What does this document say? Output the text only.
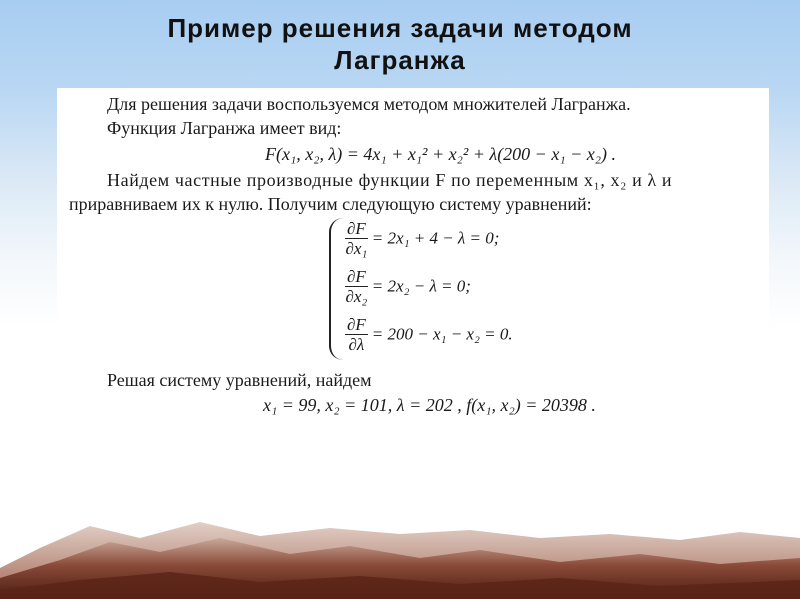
Пример решения задачи методом
Лагранжа
Для решения задачи воспользуемся методом множителей Лагранжа.
Функция Лагранжа имеет вид:
F(x₁, x₂, λ) = 4x₁ + x₁² + x₂² + λ(200 − x₁ − x₂) .
Найдем частные производные функции F по переменным x₁, x₂ и λ и
приравниваем их к нулю. Получим следующую систему уравнений:
$\frac{\partial F}{\text{∂x₁}} = 2x_1 + 4 - \lambda = 0$;
$\frac{\partial F}{\text{∂x₂}} = 2x_2 - \lambda = 0$;
$\frac{\partial F}{\partial\lambda} = 200 - x_1 - x_2 = 0$.
Решая систему уравнений, найдем
x₁ = 99, x₂ = 101, λ = 202 , f(x₁, x₂) = 20398 .
